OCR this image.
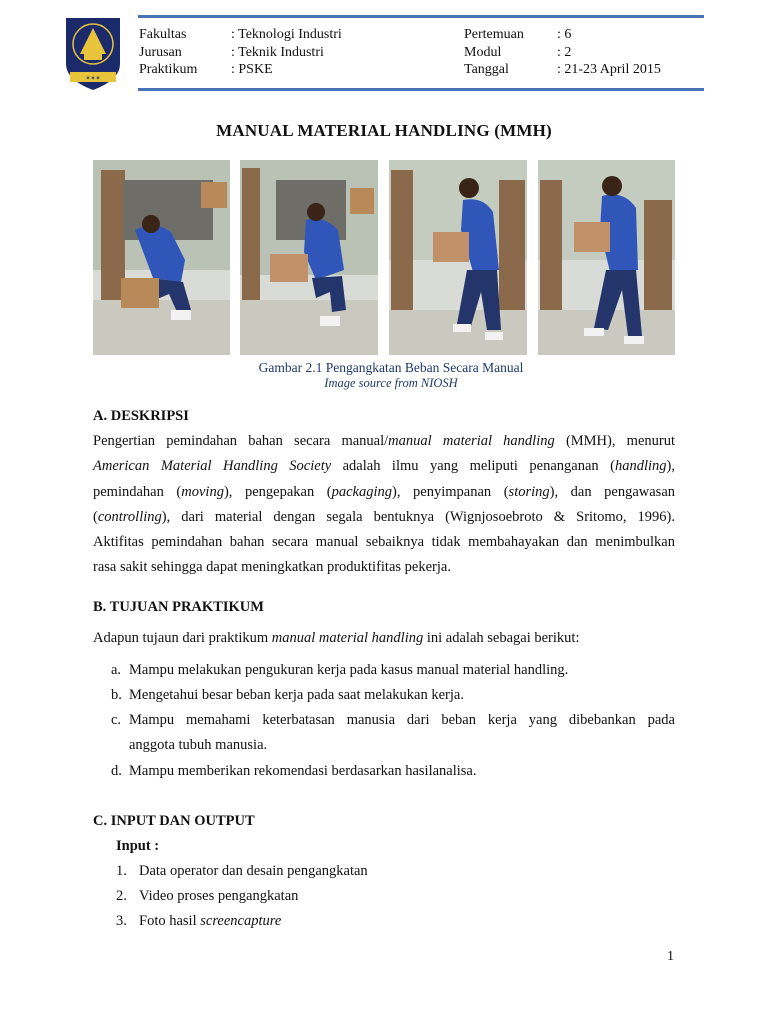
✶✶✶
Fakultas
Jurusan
Praktikum
: Teknologi Industri
: Teknik Industri
: PSKE
Pertemuan
Modul
Tanggal
: 6
: 2
: 21-23 April 2015
MANUAL MATERIAL HANDLING (MMH)
Gambar 2.1 Pengangkatan Beban Secara Manual
Image source from NIOSH
A. DESKRIPSI
Pengertian pemindahan bahan secara manual/manual material handling (MMH), menurut
American Material Handling Society adalah ilmu yang meliputi penanganan (handling),
pemindahan (moving), pengepakan (packaging), penyimpanan (storing), dan pengawasan
(controlling), dari material dengan segala bentuknya (Wignjosoebroto & Sritomo, 1996).
Aktifitas pemindahan bahan secara manual sebaiknya tidak membahayakan dan menimbulkan
rasa sakit sehingga dapat meningkatkan produktifitas pekerja.
B. TUJUAN PRAKTIKUM
Adapun tujaun dari praktikum manual material handling ini adalah sebagai berikut:
a. Mampu melakukan pengukuran kerja pada kasus manual material handling.
b. Mengetahui besar beban kerja pada saat melakukan kerja.
c. Mampu memahami keterbatasan manusia dari beban kerja yang dibebankan pada
anggota tubuh manusia.
d. Mampu memberikan rekomendasi berdasarkan hasilanalisa.
C. INPUT DAN OUTPUT
Input :
1. Data operator dan desain pengangkatan
2. Video proses pengangkatan
3. Foto hasil screencapture
1
